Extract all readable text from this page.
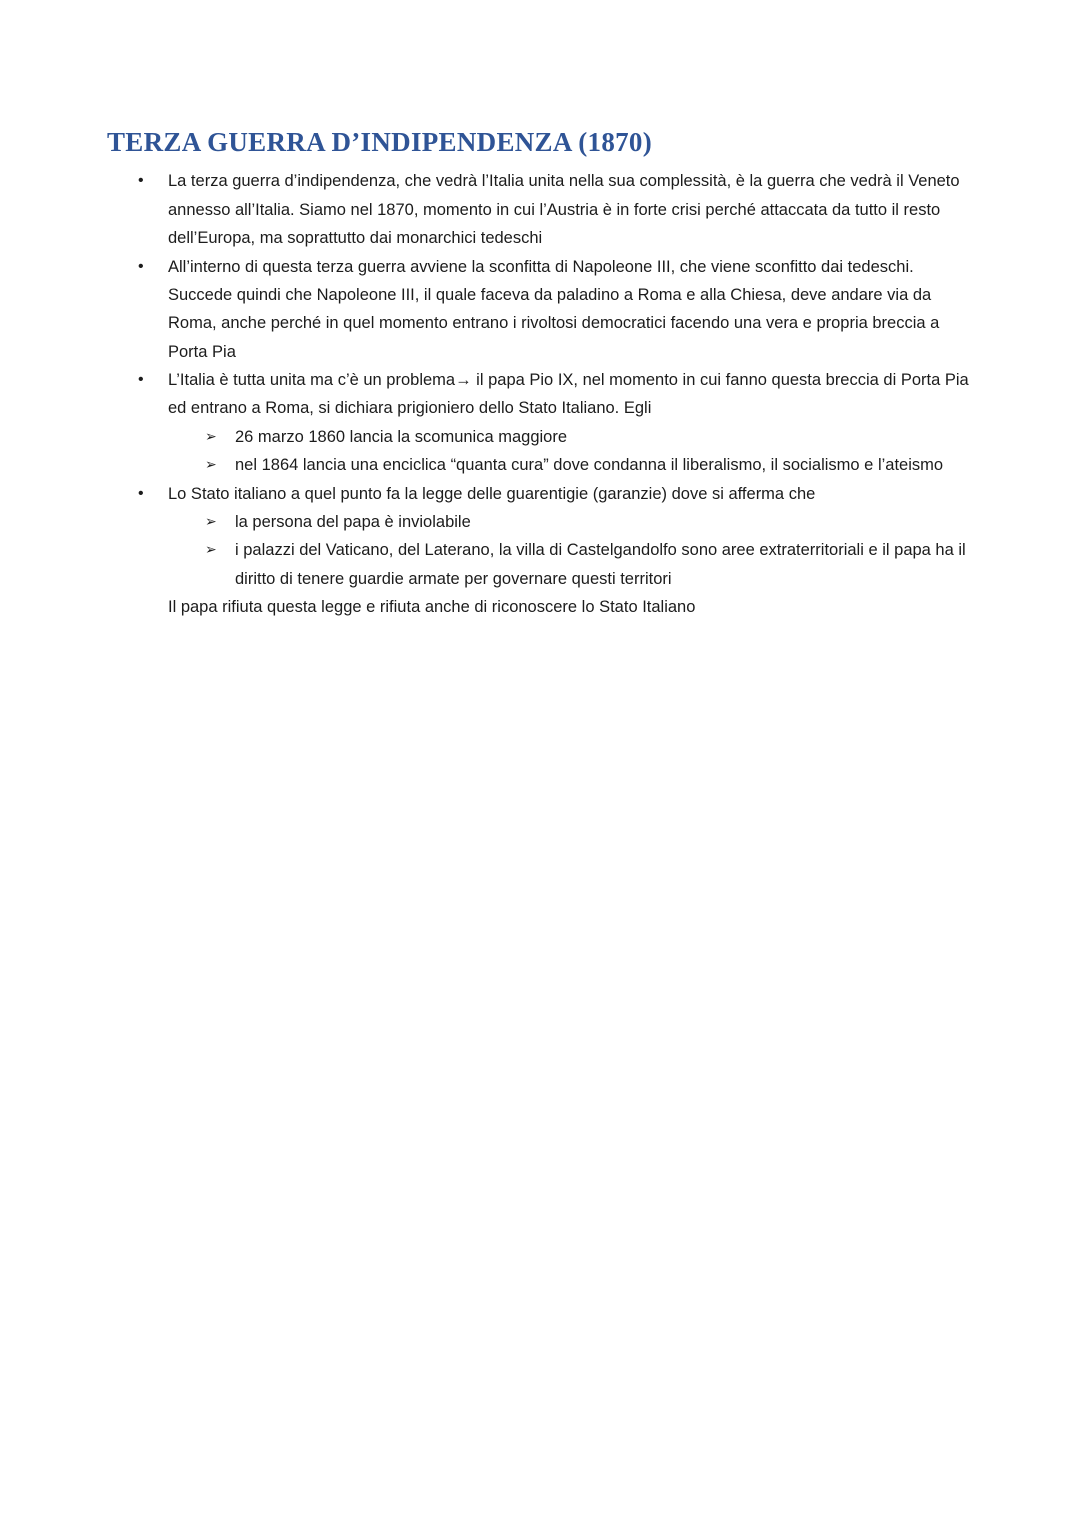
TERZA GUERRA D’INDIPENDENZA (1870)
•	La terza guerra d’indipendenza, che vedrà l’Italia unita nella sua complessità, è la guerra che vedrà il Veneto annesso all’Italia. Siamo nel 1870, momento in cui l’Austria è in forte crisi perché attaccata da tutto il resto dell’Europa, ma soprattutto dai monarchici tedeschi
•	All’interno di questa terza guerra avviene la sconfitta di Napoleone III, che viene sconfitto dai tedeschi. Succede quindi che Napoleone III, il quale faceva da paladino a Roma e alla Chiesa, deve andare via da Roma, anche perché in quel momento entrano i rivoltosi democratici facendo una vera e propria breccia a Porta Pia
•	L’Italia è tutta unita ma c’è un problema→ il papa Pio IX, nel momento in cui fanno questa breccia di Porta Pia ed entrano a Roma, si dichiara prigioniero dello Stato Italiano. Egli
➢	26 marzo 1860 lancia la scomunica maggiore
➢	nel 1864 lancia una enciclica “quanta cura” dove condanna il liberalismo, il socialismo e l’ateismo
•	Lo Stato italiano a quel punto fa la legge delle guarentigie (garanzie) dove si afferma che
➢	la persona del papa è inviolabile
➢	i palazzi del Vaticano, del Laterano, la villa di Castelgandolfo sono aree extraterritoriali e il papa ha il diritto di tenere guardie armate per governare questi territori
Il papa rifiuta questa legge e rifiuta anche di riconoscere lo Stato Italiano
